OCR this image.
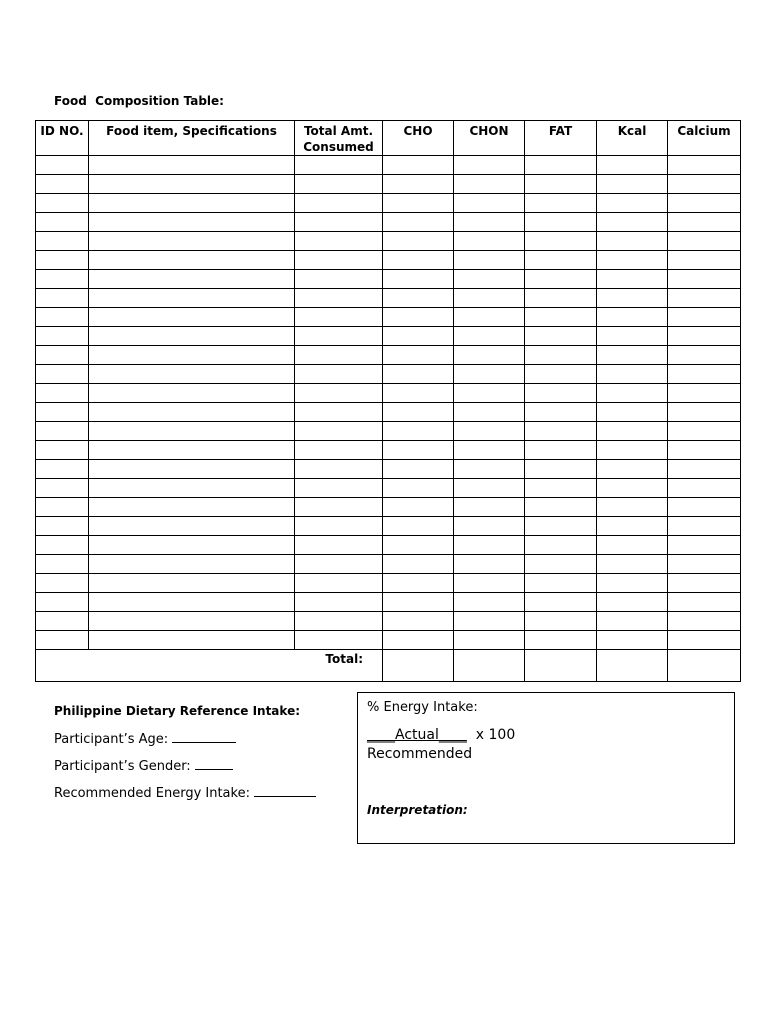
Food  Composition Table:
ID NO.	Food item, Specifications	Total Amt. Consumed	CHO	CHON	FAT	Kcal	Calcium

Total:							
Philippine Dietary Reference Intake:
Participant’s Age:
Participant’s Gender:
Recommended Energy Intake:
% Energy Intake:
____Actual____ x 100
Recommended
Interpretation:
